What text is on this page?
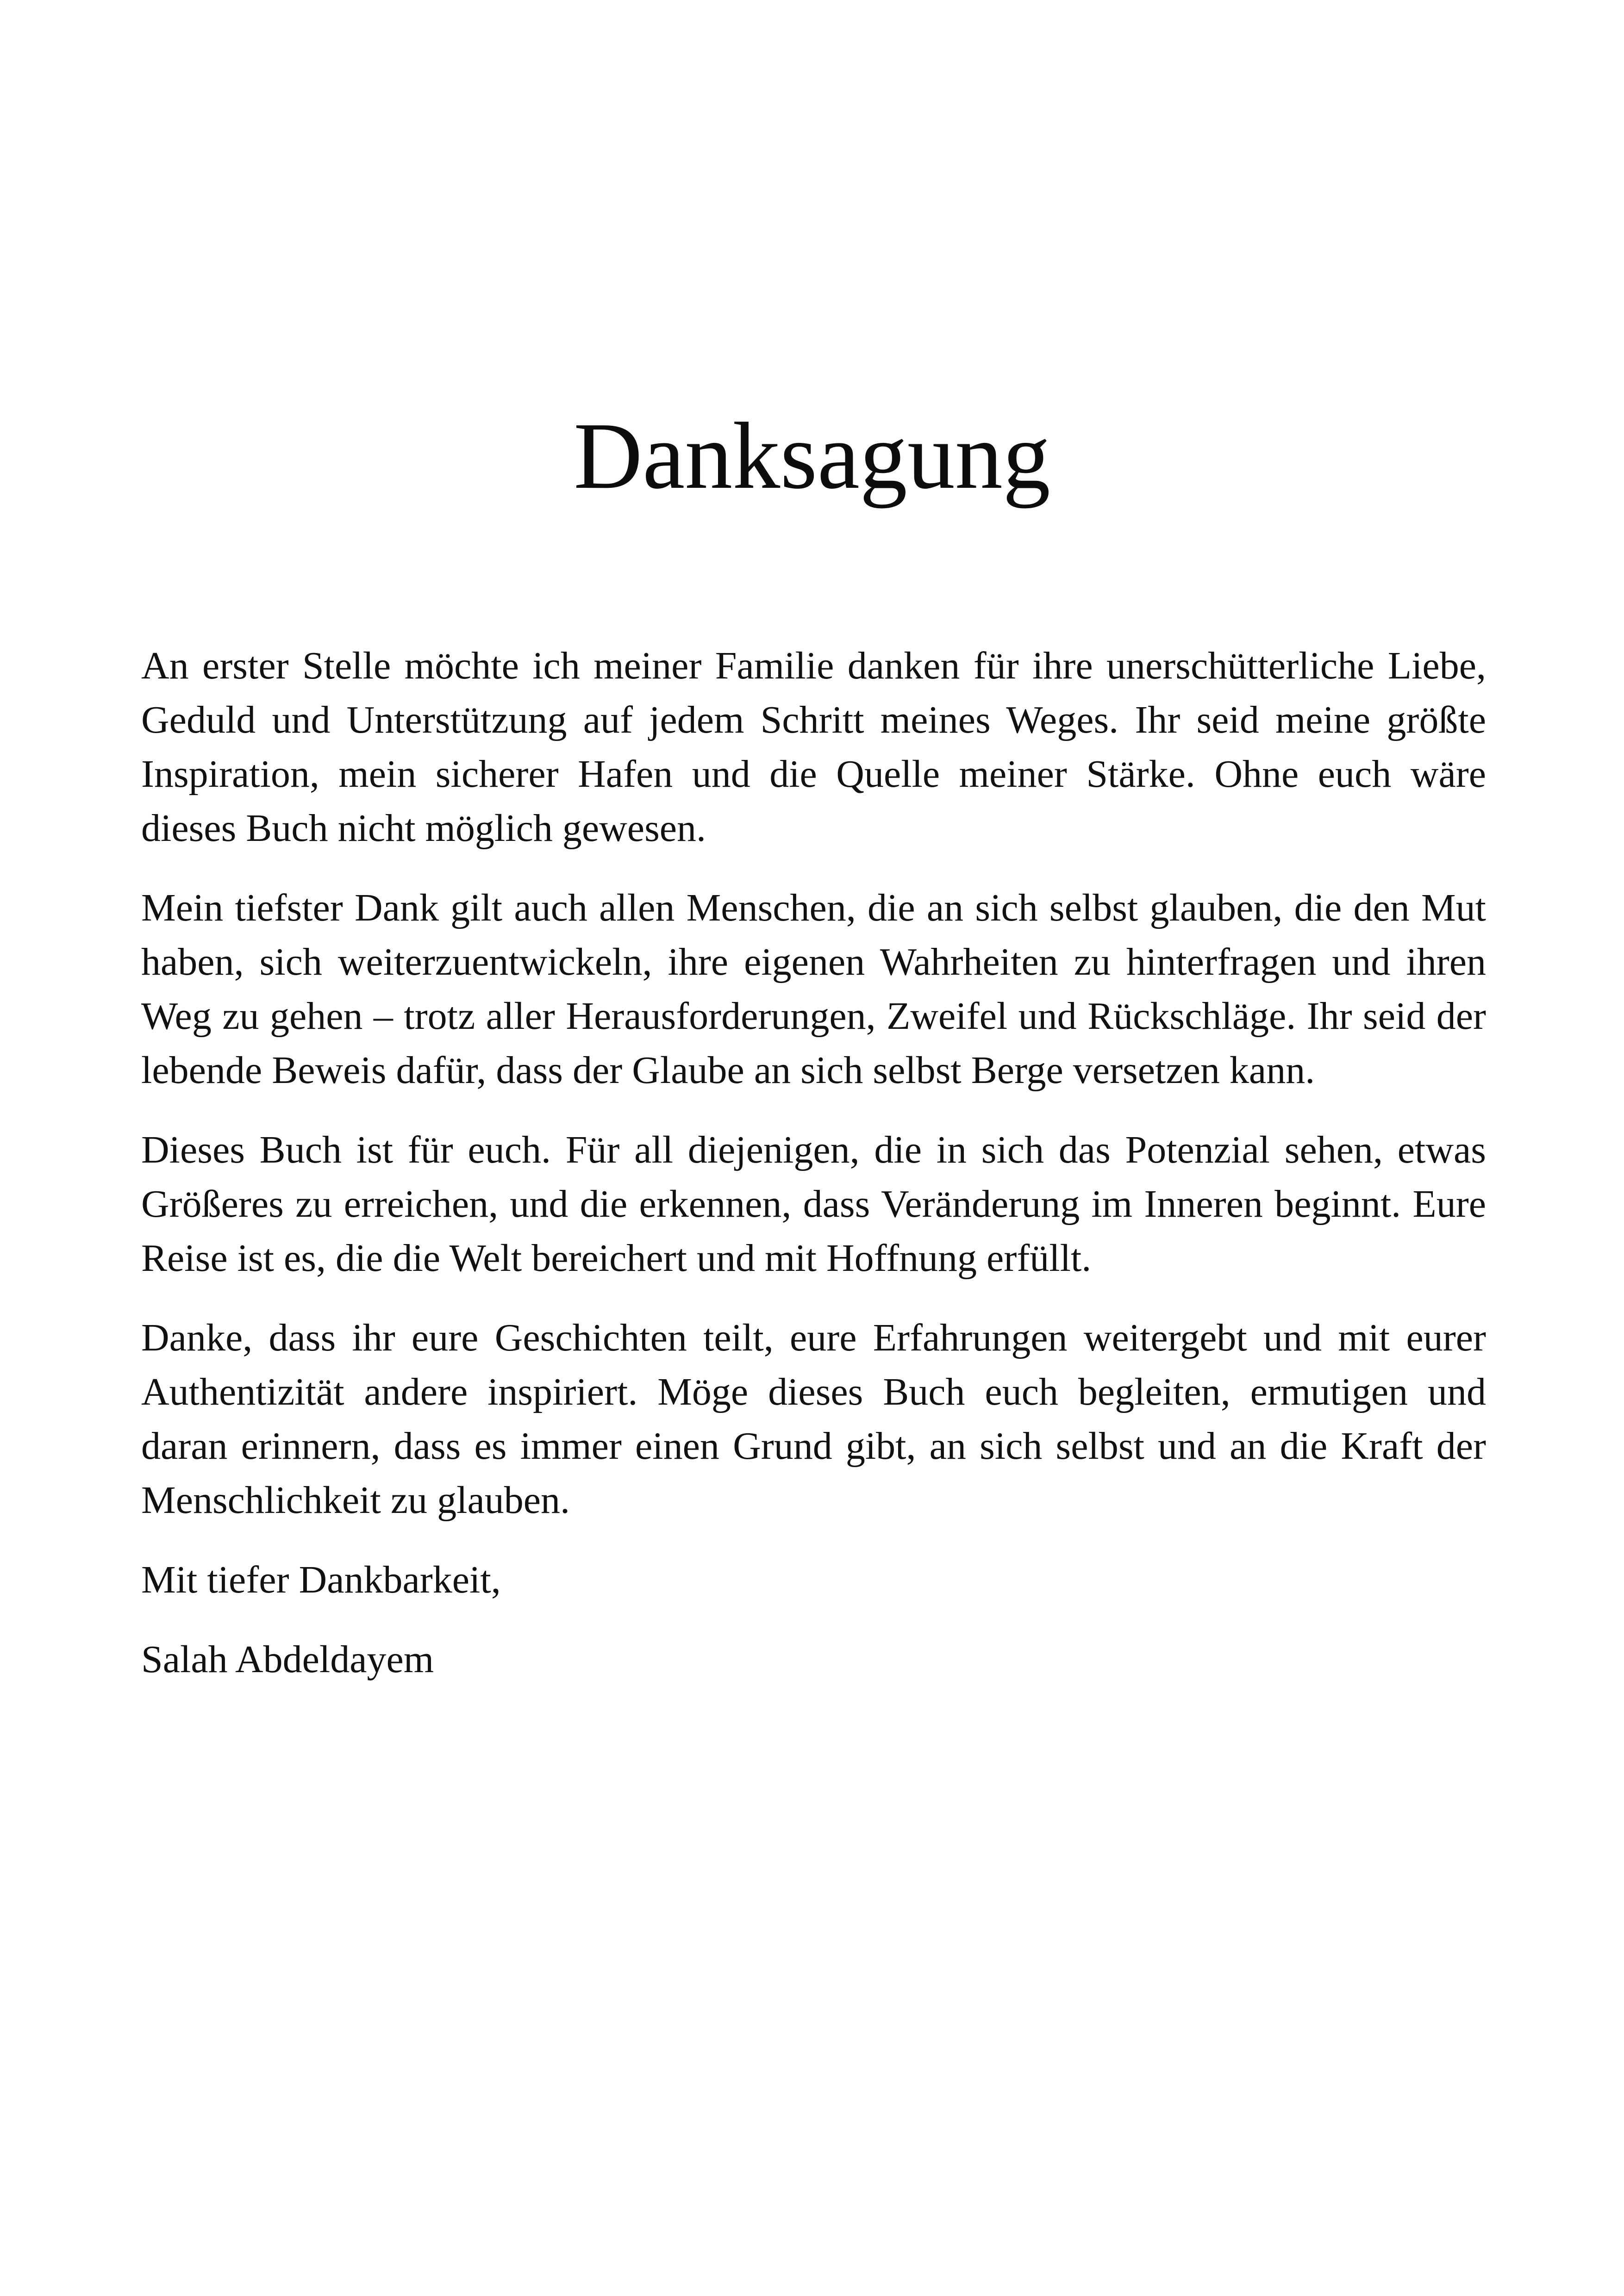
Danksagung

An erster Stelle möchte ich meiner Familie danken für ihre unerschütterliche Liebe, Geduld und Unterstützung auf jedem Schritt meines Weges. Ihr seid meine größte Inspiration, mein sicherer Hafen und die Quelle meiner Stärke. Ohne euch wäre dieses Buch nicht möglich gewesen.

Mein tiefster Dank gilt auch allen Menschen, die an sich selbst glauben, die den Mut haben, sich weiterzuentwickeln, ihre eigenen Wahrheiten zu hinterfragen und ihren Weg zu gehen – trotz aller Herausforderungen, Zweifel und Rückschläge. Ihr seid der lebende Beweis dafür, dass der Glaube an sich selbst Berge versetzen kann.

Dieses Buch ist für euch. Für all diejenigen, die in sich das Potenzial sehen, etwas Größeres zu erreichen, und die erkennen, dass Veränderung im Inneren beginnt. Eure Reise ist es, die die Welt bereichert und mit Hoffnung erfüllt.

Danke, dass ihr eure Geschichten teilt, eure Erfahrungen weitergebt und mit eurer Authentizität andere inspiriert. Möge dieses Buch euch begleiten, ermutigen und daran erinnern, dass es immer einen Grund gibt, an sich selbst und an die Kraft der Menschlichkeit zu glauben.

Mit tiefer Dankbarkeit,

Salah Abdeldayem
